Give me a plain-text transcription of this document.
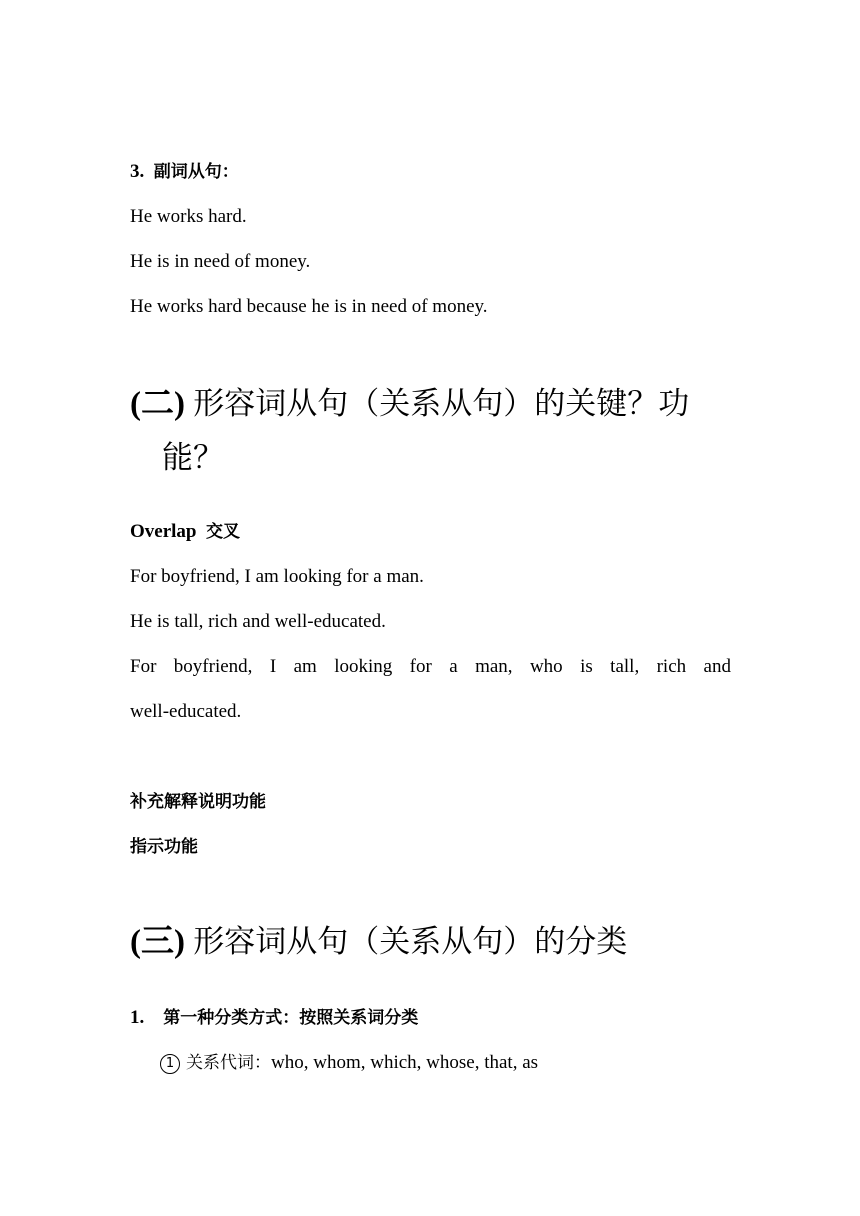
3. 副词从句：
He works hard.
He is in need of money.
He works hard because he is in need of money.
(二) 形容词从句（关系从句）的关键？功
能？
Overlap 交叉
For boyfriend, I am looking for a man.
He is tall, rich and well-educated.
For boyfriend, I am looking for a man, who is tall, rich and
well-educated.
补充解释说明功能
指示功能
(三) 形容词从句（关系从句）的分类
1. 第一种分类方式：按照关系词分类
1 关系代词：who, whom, which, whose, that, as
